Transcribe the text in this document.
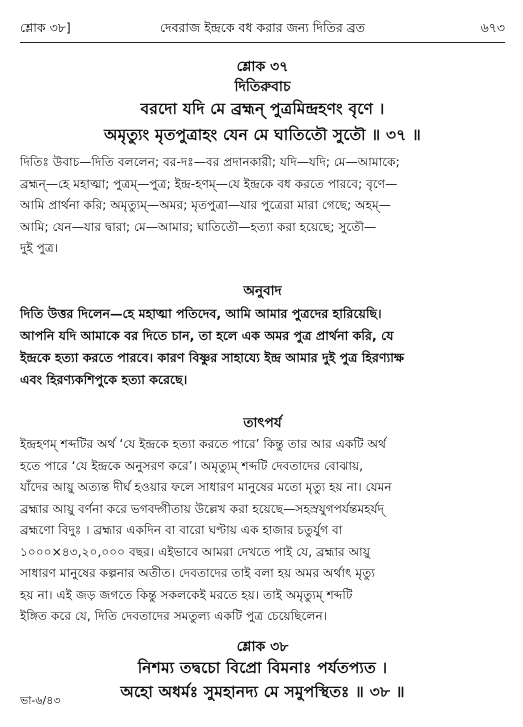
শ্লোক ৩৮]	দেবরাজ ইন্দ্রকে বধ করার জন্য দিতির ব্রত	৬৭৩
শ্লোক ৩৭
দিতিরুবাচ
বরদো যদি মে ব্রহ্মন্ পুত্রমিন্দ্রহণং বৃণে ।
অমৃত্যুং মৃতপুত্রাহং যেন মে ঘাতিতৌ সুতৌ ॥ ৩৭ ॥
দিতিঃ উবাচ—দিতি বললেন; বর-দঃ—বর প্রদানকারী; যদি—যদি; মে—আমাকে;
ব্রহ্মন্—হে মহাত্মা; পুত্রম্—পুত্র; ইন্দ্র-হণম্—যে ইন্দ্রকে বধ করতে পারবে; বৃণে—
আমি প্রার্থনা করি; অমৃত্যুম্—অমর; মৃতপুত্রা—যার পুত্রেরা মারা গেছে; অহম্—
আমি; যেন—যার দ্বারা; মে—আমার; ঘাতিতৌ—হত্যা করা হয়েছে; সুতৌ—
দুই পুত্র।
অনুবাদ
দিতি উত্তর দিলেন—হে মহাত্মা পতিদেব, আমি আমার পুত্রদের হারিয়েছি।
আপনি যদি আমাকে বর দিতে চান, তা হলে এক অমর পুত্র প্রার্থনা করি, যে
ইন্দ্রকে হত্যা করতে পারবে। কারণ বিষ্ণুর সাহায্যে ইন্দ্র আমার দুই পুত্র হিরণ্যাক্ষ
এবং হিরণ্যকশিপুকে হত্যা করেছে।
তাৎপর্য
ইন্দ্রহণম্ শব্দটির অর্থ ‘যে ইন্দ্রকে হত্যা করতে পারে’ কিন্তু তার আর একটি অর্থ
হতে পারে ‘যে ইন্দ্রকে অনুসরণ করে’। অমৃত্যুম্ শব্দটি দেবতাদের বোঝায়,
যাঁদের আয়ু অত্যন্ত দীর্ঘ হওয়ার ফলে সাধারণ মানুষের মতো মৃত্যু হয় না। যেমন
ব্রহ্মার আয়ু বর্ণনা করে ভগবদ্গীতায় উল্লেখ করা হয়েছে—সহস্রযুগপর্যন্তমহর্যদ্
ব্রহ্মণো বিদুঃ । ব্রহ্মার একদিন বা বারো ঘণ্টায় এক হাজার চতুর্যুগ বা
১০০০×৪৩,২০,০০০ বছর। এইভাবে আমরা দেখতে পাই যে, ব্রহ্মার আয়ু
সাধারণ মানুষের কল্পনার অতীত। দেবতাদের তাই বলা হয় অমর অর্থাৎ মৃত্যু
হয় না। এই জড় জগতে কিন্তু সকলকেই মরতে হয়। তাই অমৃত্যুম্ শব্দটি
ইঙ্গিত করে যে, দিতি দেবতাদের সমতুল্য একটি পুত্র চেয়েছিলেন।
শ্লোক ৩৮
নিশম্য তদ্বচো বিপ্রো বিমনাঃ পর্যতপ্যত ।
অহো অধর্মঃ সুমহানদ্য মে সমুপস্থিতঃ ॥ ৩৮ ॥
ভা-৬/৪৩
